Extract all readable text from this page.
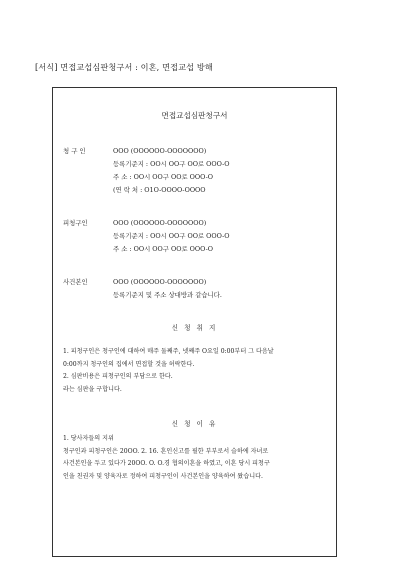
[서식] 면접교섭심판청구서 : 이혼, 면접교섭 방해
면접교섭심판청구서
청 구 인	OOO (OOOOOO-OOOOOOO)
등록기준지 : OO시 OO구 OO로 OOO-O
주 소 : OO시 OO구 OO로 OOO-O
(연 락 처 : O1O-OOOO-OOOO
피청구인	OOO (OOOOOO-OOOOOOO)
등록기준지 : OO시 OO구 OO로 OOO-O
주 소 : OO시 OO구 OO로 OOO-O
사건본인	OOO (OOOOOO-OOOOOOO)
등록기준지 및 주소 상대방과 같습니다.
신 청 취 지
1. 피청구인은 청구인에 대하여 매주 둘째주, 넷째주 O요일 0:00부터 그 다음날
0:00까지 청구인의 집에서 면접할 것을 허락한다.
2. 심판비용은 피청구인의 부담으로 한다.
라는 심판을 구합니다.
신 청 이 유
1. 당사자들의 지위
청구인과 피청구인은 20OO. 2. 16. 혼인신고를 필한 부부로서 슬하에 자녀로
사건본인을 두고 있다가 20OO. O. O.경 협의이혼을 하였고, 이혼 당시 피청구
인을 친권자 및 양육자로 정하여 피청구인이 사건본인을 양육하여 왔습니다.
